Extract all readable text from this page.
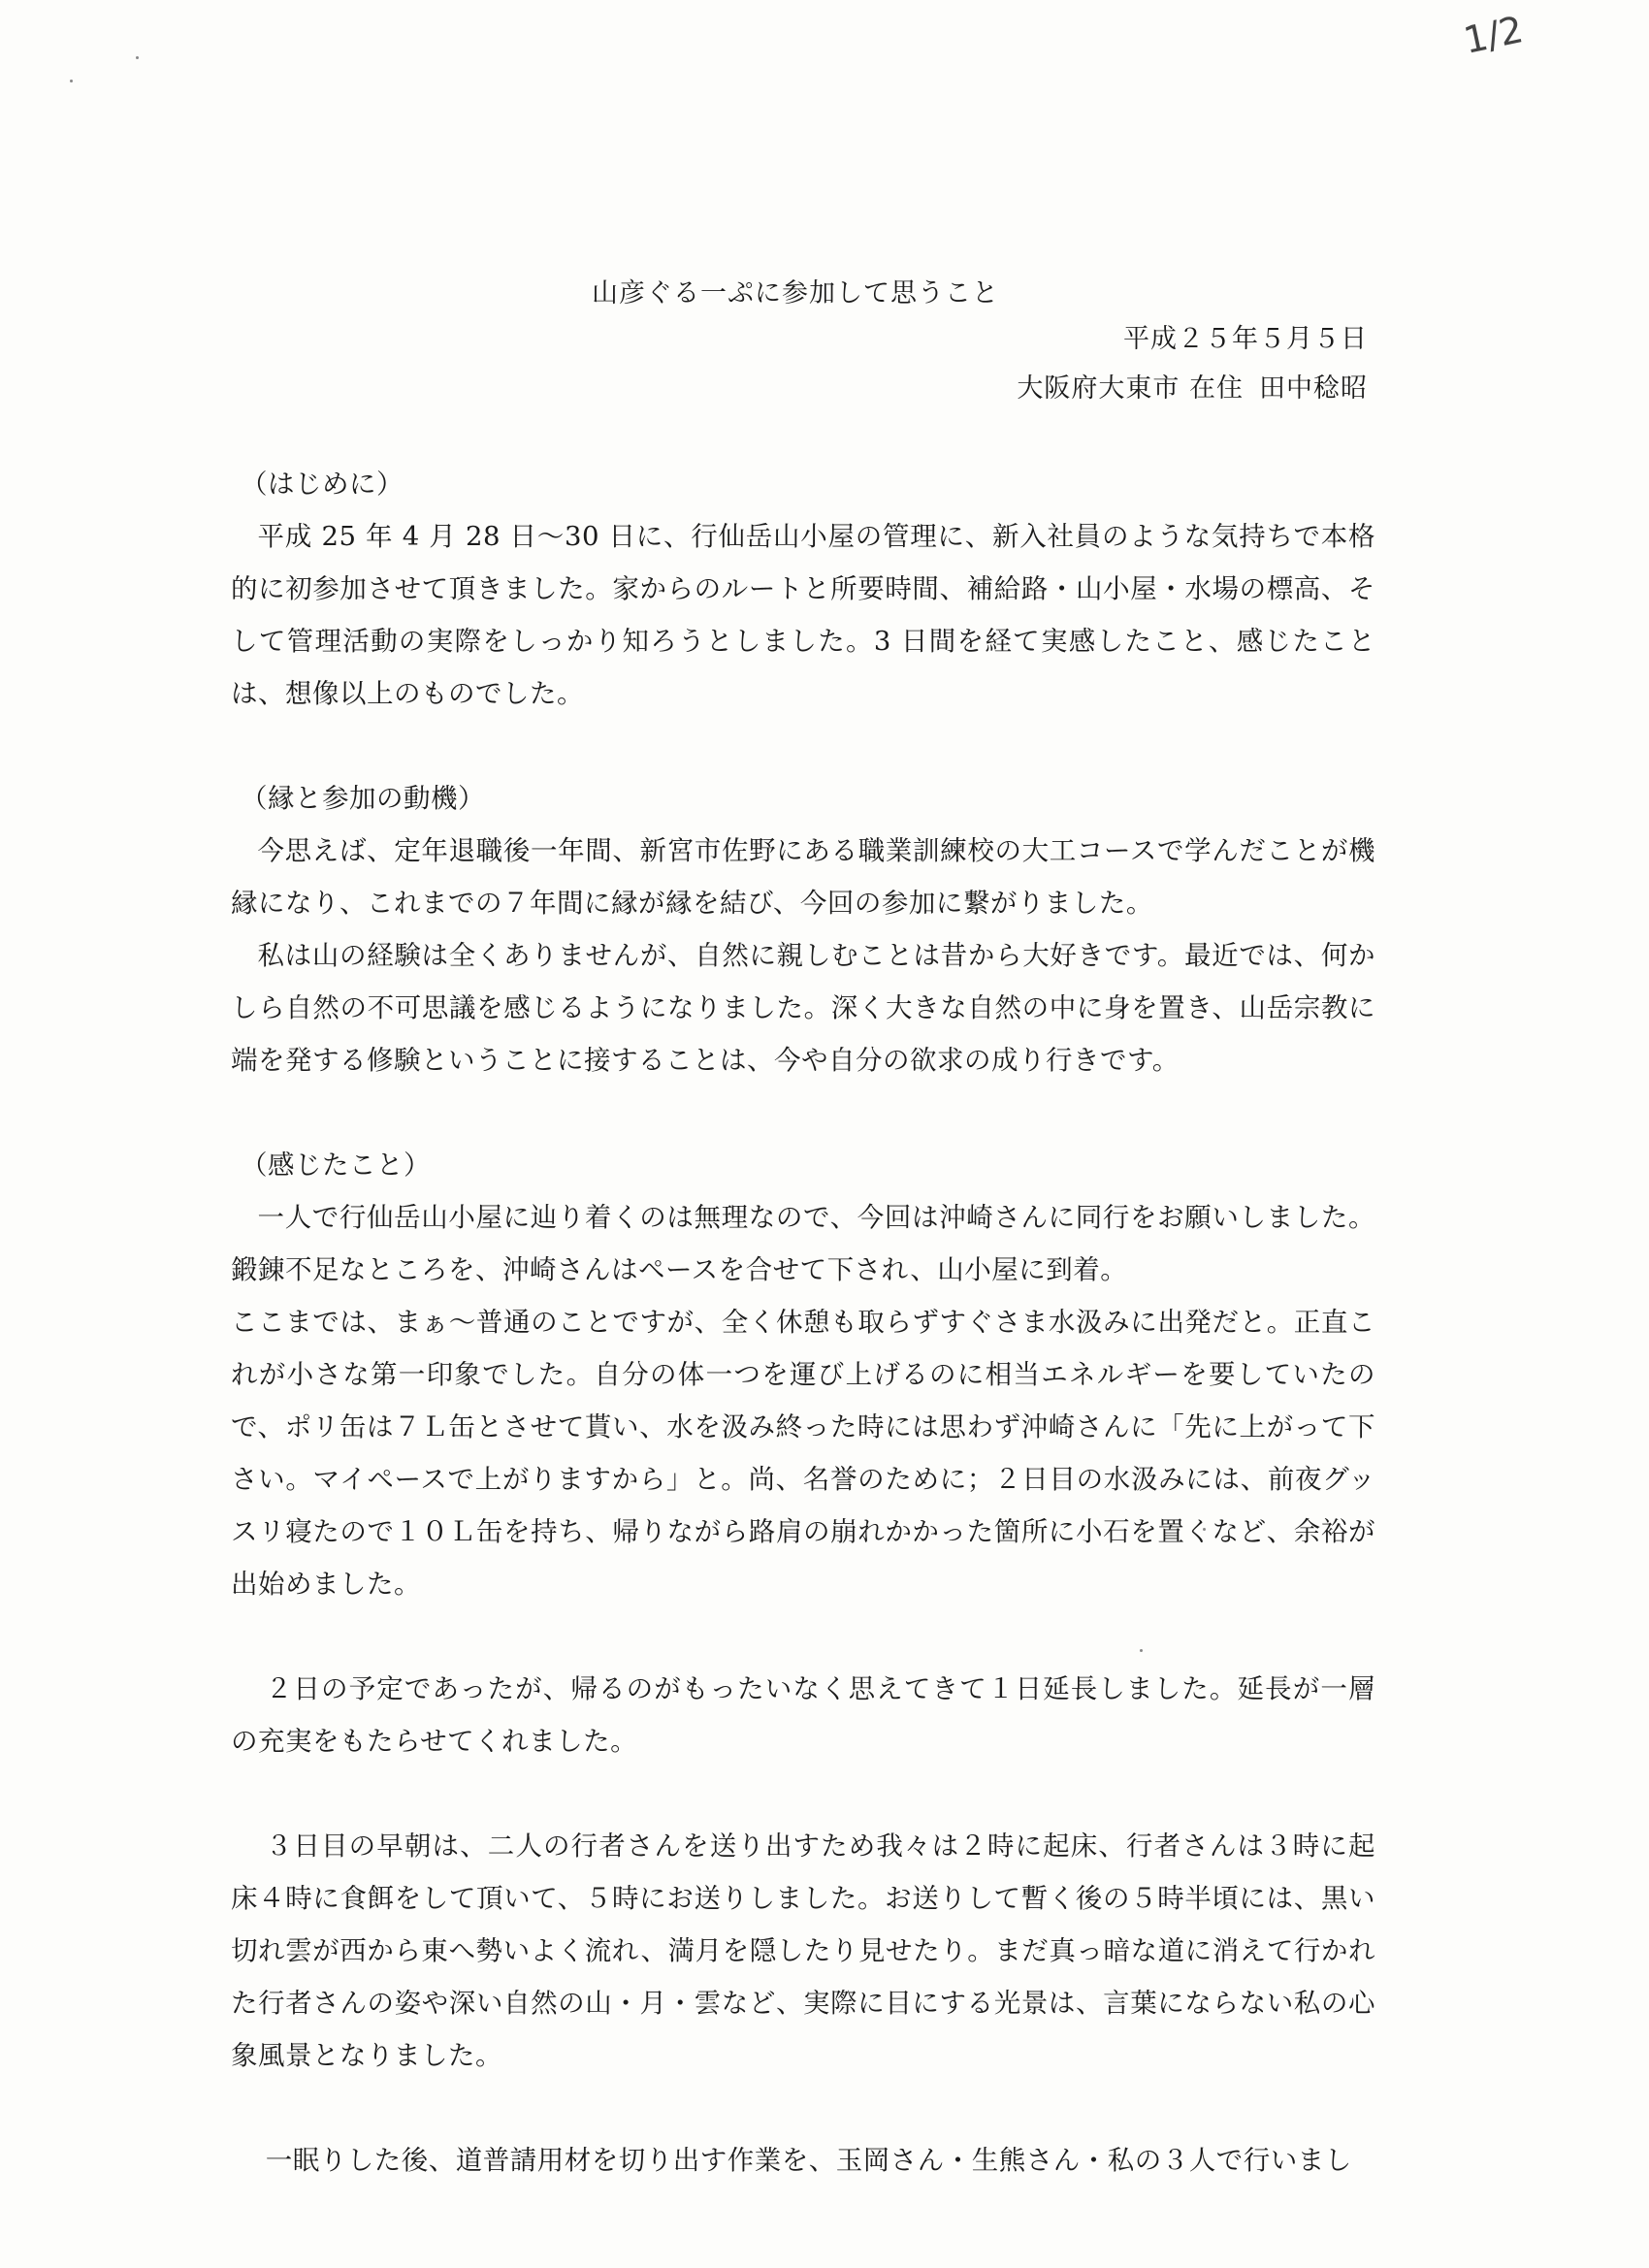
1/2
山彦ぐる一ぷに参加して思うこと
平成２５年５月５日
大阪府大東市 在住 田中稔昭

（はじめに）

平成 25 年 4 月 28 日～30 日に、行仙岳山小屋の管理に、新入社員のような気持ちで本格的に初参加させて頂きました。家からのルートと所要時間、補給路・山小屋・水場の標高、そして管理活動の実際をしっかり知ろうとしました。3 日間を経て実感したこと、感じたことは、想像以上のものでした。

（縁と参加の動機）

今思えば、定年退職後一年間、新宮市佐野にある職業訓練校の大工コースで学んだことが機縁になり、これまでの７年間に縁が縁を結び、今回の参加に繋がりました。

私は山の経験は全くありませんが、自然に親しむことは昔から大好きです。最近では、何かしら自然の不可思議を感じるようになりました。深く大きな自然の中に身を置き、山岳宗教に端を発する修験ということに接することは、今や自分の欲求の成り行きです。

（感じたこと）

一人で行仙岳山小屋に辿り着くのは無理なので、今回は沖崎さんに同行をお願いしました。鍛錬不足なところを、沖崎さんはペースを合せて下され、山小屋に到着。

ここまでは、まぁ～普通のことですが、全く休憩も取らずすぐさま水汲みに出発だと。正直これが小さな第一印象でした。自分の体一つを運び上げるのに相当エネルギーを要していたので、ポリ缶は７Ｌ缶とさせて貰い、水を汲み終った時には思わず沖崎さんに「先に上がって下さい。マイペースで上がりますから」と。尚、名誉のために；２日目の水汲みには、前夜グッスリ寝たので１０Ｌ缶を持ち、帰りながら路肩の崩れかかった箇所に小石を置くなど、余裕が出始めました。

２日の予定であったが、帰るのがもったいなく思えてきて１日延長しました。延長が一層の充実をもたらせてくれました。

３日目の早朝は、二人の行者さんを送り出すため我々は２時に起床、行者さんは３時に起床４時に食餌をして頂いて、５時にお送りしました。お送りして暫く後の５時半頃には、黒い切れ雲が西から東へ勢いよく流れ、満月を隠したり見せたり。まだ真っ暗な道に消えて行かれた行者さんの姿や深い自然の山・月・雲など、実際に目にする光景は、言葉にならない私の心象風景となりました。

一眠りした後、道普請用材を切り出す作業を、玉岡さん・生熊さん・私の３人で行いまし
